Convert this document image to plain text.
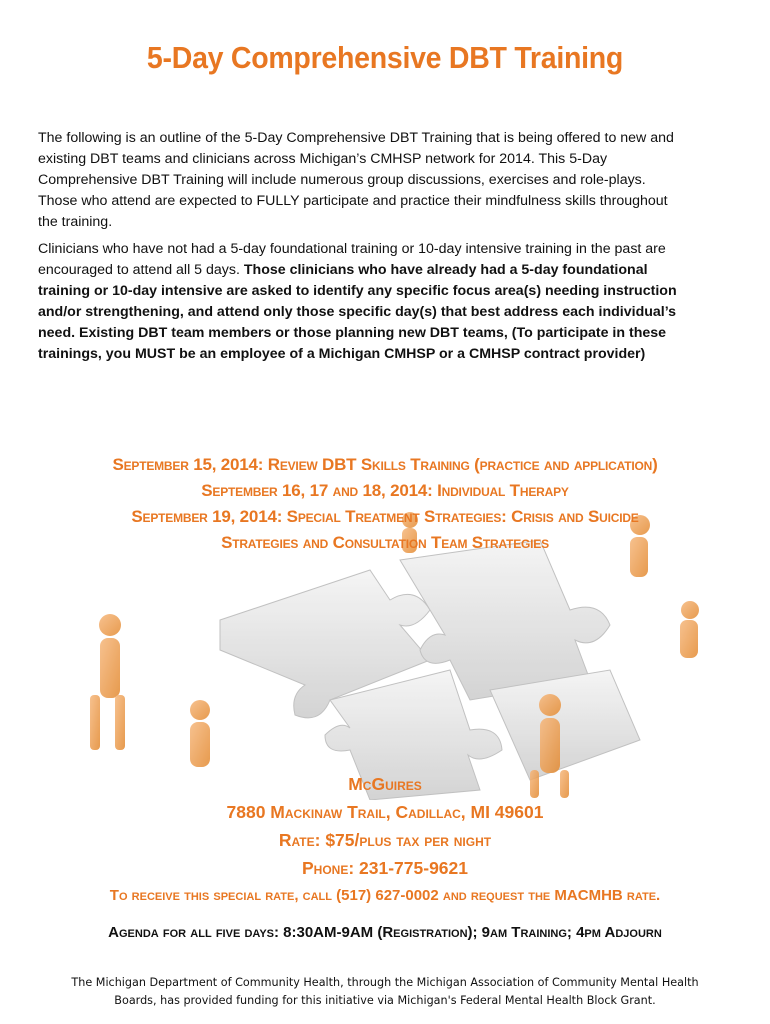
5-Day Comprehensive DBT Training

The following is an outline of the 5-Day Comprehensive DBT Training that is being offered to new and existing DBT teams and clinicians across Michigan’s CMHSP network for 2014. This 5-Day Comprehensive DBT Training will include numerous group discussions, exercises and role-plays. Those who attend are expected to FULLY participate and practice their mindfulness skills throughout the training.

Clinicians who have not had a 5-day foundational training or 10-day intensive training in the past are encouraged to attend all 5 days. Those clinicians who have already had a 5-day foundational training or 10-day intensive are asked to identify any specific focus area(s) needing instruction and/or strengthening, and attend only those specific day(s) that best address each individual’s need. Existing DBT team members or those planning new DBT teams, (To participate in these trainings, you MUST be an employee of a Michigan CMHSP or a CMHSP contract provider)

September 15, 2014: Review DBT Skills Training (practice and application)
September 16, 17 and 18, 2014: Individual Therapy
September 19, 2014: Special Treatment Strategies: Crisis and Suicide
Strategies and Consultation Team Strategies
McGuires
7880 Mackinaw Trail, Cadillac, MI 49601
Rate: $75/plus tax per night
Phone: 231-775-9621
To receive this special rate, call (517) 627-0002 and request the MACMHB rate.
Agenda for all five days: 8:30AM-9AM (Registration); 9am Training; 4pm Adjourn
The Michigan Department of Community Health, through the Michigan Association of Community Mental Health
Boards, has provided funding for this initiative via Michigan's Federal Mental Health Block Grant.
